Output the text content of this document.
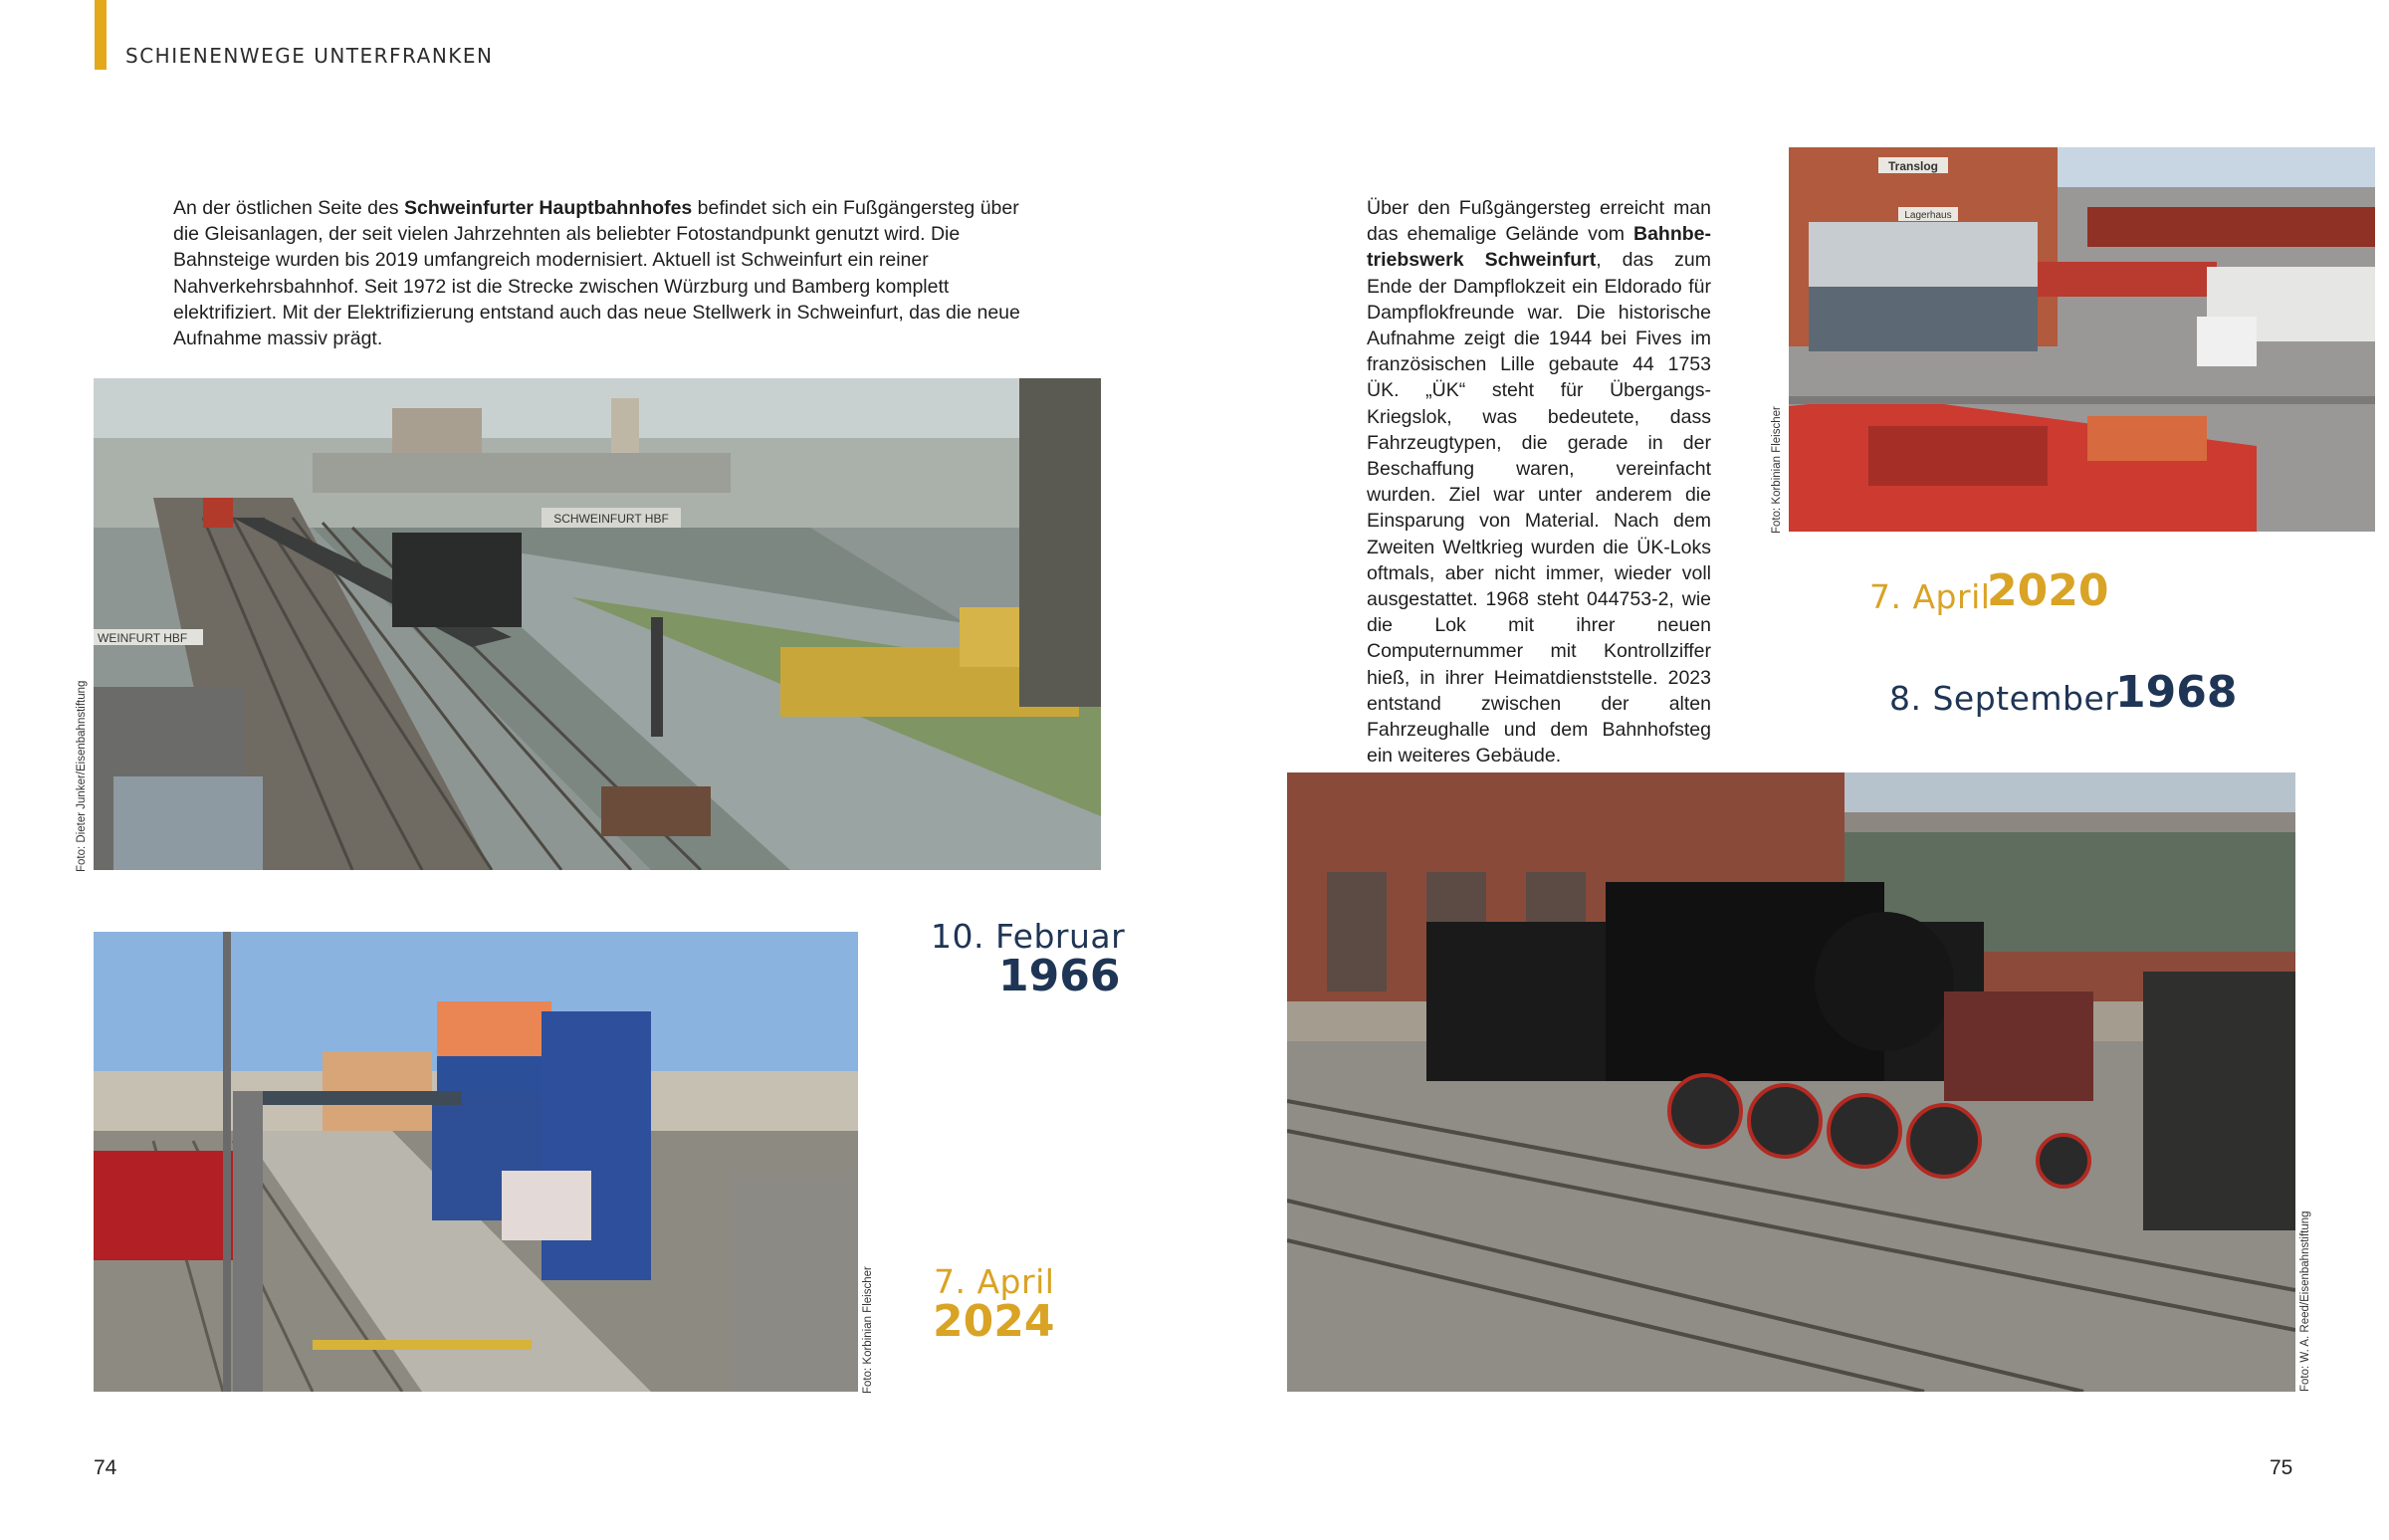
SCHIENENWEGE UNTERFRANKEN
An der östlichen Seite des Schweinfurter Hauptbahnhofes befindet sich ein Fußgängersteg über die Gleisanlagen, der seit vielen Jahrzehnten als beliebter Fotostandpunkt genutzt wird. Die Bahnsteige wurden bis 2019 umfangreich modernisiert. Aktuell ist Schweinfurt ein reiner Nahverkehrsbahnhof. Seit 1972 ist die Strecke zwischen Würzburg und Bamberg komplett elektrifiziert. Mit der Elektrifizierung entstand auch das neue Stellwerk in Schweinfurt, das die neue Aufnahme massiv prägt.
Über den Fußgängersteg erreicht man das ehemalige Gelände vom Bahnbetriebswerk Schweinfurt, das zum Ende der Dampflokzeit ein Eldorado für Dampflokfreunde war. Die historische Aufnahme zeigt die 1944 bei Fives im französischen Lille gebaute 44 1753 ÜK. „ÜK“ steht für Übergangs-Kriegslok, was bedeutete, dass Fahrzeugtypen, die gerade in der Beschaffung waren, vereinfacht wurden. Ziel war unter anderem die Einsparung von Material. Nach dem Zweiten Weltkrieg wurden die ÜK-Loks oftmals, aber nicht immer, wieder voll ausgestattet. 1968 steht 044753-2, wie die Lok mit ihrer neuen Computernummer mit Kontrollziffer hieß, in ihrer Heimatdienststelle. 2023 entstand zwischen der alten Fahrzeughalle und dem Bahnhofsteg ein weiteres Gebäude.
SCHWEINFURT HBF
WEINFURT HBF
Foto: Dieter Junker/Eisenbahnstiftung
Foto: Korbinian Fleischer
Translog
Lagerhaus
Foto: Korbinian Fleischer
Foto: W. A. Reed/Eisenbahnstiftung
10. Februar
1966
7. April
2024
7. April
2020
8. September
1968
74	75
